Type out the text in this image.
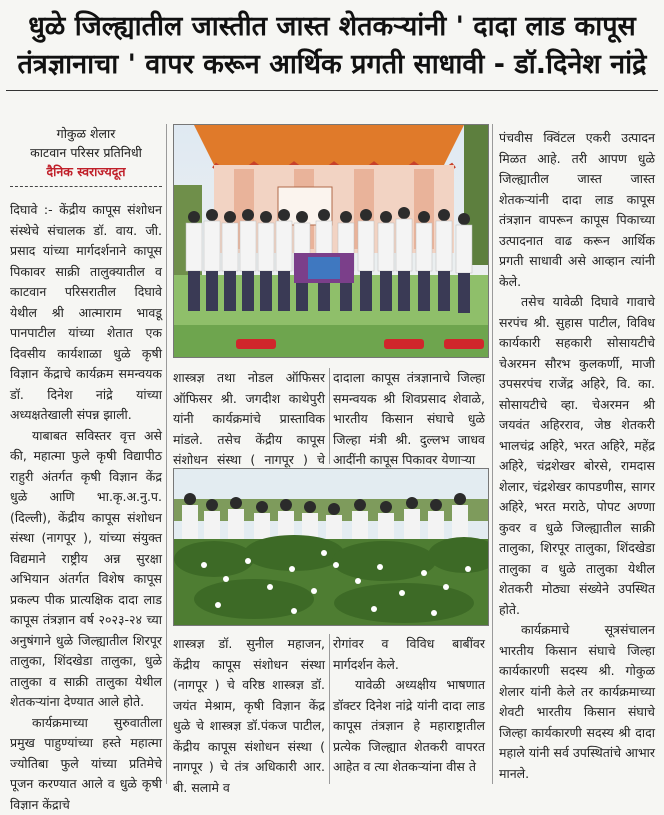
धुळे जिल्ह्यातील जास्तीत जास्त शेतकऱ्यांनी ' दादा लाड कापूस तंत्रज्ञानाचा ' वापर करून आर्थिक प्रगती साधावी - डॉ.दिनेश नांद्रे
गोकुळ शेलार
काटवान परिसर प्रतिनिधी
दैनिक स्वराज्यदूत

दिघावे :- केंद्रीय कापूस संशोधन संस्थेचे संचालक डॉ. वाय. जी. प्रसाद यांच्या मार्गदर्शनाने कापूस पिकावर साक्री तालुक्यातील व काटवान परिसरातील दिघावे येथील श्री आत्माराम भावडू पानपाटील यांच्या शेतात एक दिवसीय कार्यशाळा धुळे कृषी विज्ञान केंद्राचे कार्यक्रम समन्वयक डॉ. दिनेश नांद्रे यांच्या अध्यक्षतेखाली संपन्न झाली.

याबाबत सविस्तर वृत्त असे की, महात्मा फुले कृषी विद्यापीठ राहुरी अंतर्गत कृषी विज्ञान केंद्र धुळे आणि भा.कृ.अ.नु.प.(दिल्ली), केंद्रीय कापूस संशोधन संस्था (नागपूर ), यांच्या संयुक्त विद्यमाने राष्ट्रीय अन्न सुरक्षा अभियान अंतर्गत विशेष कापूस प्रकल्प पीक प्रात्यक्षिक दादा लाड कापूस तंत्रज्ञान वर्ष २०२३-२४ च्या अनुषंगाने धुळे जिल्ह्यातील शिरपूर तालुका, शिंदखेडा तालुका, धुळे तालुका व साक्री तालुका येथील शेतकऱ्यांना देण्यात आले होते.

कार्यक्रमाच्या सुरुवातीला प्रमुख पाहुण्यांच्या हस्ते महात्मा ज्योतिबा फुले यांच्या प्रतिमेचे पूजन करण्यात आले व धुळे कृषी विज्ञान केंद्राचे

शास्त्रज्ञ तथा नोडल ऑफिसर ऑफिसर श्री. जगदीश काथेपुरी यांनी कार्यक्रमांचे प्रास्ताविक मांडले. तसेच केंद्रीय कापूस संशोधन संस्था ( नागपूर ) चे

दादाला कापूस तंत्रज्ञानाचे जिल्हा समन्वयक श्री शिवप्रसाद शेवाळे, भारतीय किसान संघाचे धुळे जिल्हा मंत्री श्री. दुल्लभ जाधव आदींनी कापूस पिकावर येणाऱ्या

शास्त्रज्ञ डॉ. सुनील महाजन, केंद्रीय कापूस संशोधन संस्था (नागपूर ) चे वरिष्ठ शास्त्रज्ञ डॉ. जयंत मेश्राम, कृषी विज्ञान केंद्र धुळे चे शास्त्रज्ञ डॉ.पंकज पाटील, केंद्रीय कापूस संशोधन संस्था ( नागपूर ) चे तंत्र अधिकारी आर. बी. सलामे व

रोगांवर व विविध बाबींवर मार्गदर्शन केले.

यावेळी अध्यक्षीय भाषणात डॉक्टर दिनेश नांद्रे यांनी दादा लाड कापूस तंत्रज्ञान हे महाराष्ट्रातील प्रत्येक जिल्ह्यात शेतकरी वापरत आहेत व त्या शेतकऱ्यांना वीस ते

पंचवीस क्विंटल एकरी उत्पादन मिळत आहे. तरी आपण धुळे जिल्ह्यातील जास्त जास्त शेतकऱ्यांनी दादा लाड कापूस तंत्रज्ञान वापरून कापूस पिकाच्या उत्पादनात वाढ करून आर्थिक प्रगती साधावी असे आव्हान त्यांनी केले.

तसेच यावेळी दिघावे गावाचे सरपंच श्री. सुहास पाटील, विविध कार्यकारी सहकारी सोसायटीचे चेअरमन सौरभ कुलकर्णी, माजी उपसरपंच राजेंद्र अहिरे, वि. का. सोसायटीचे व्हा. चेअरमन श्री जयवंत अहिरराव, जेष्ठ शेतकरी भालचंद्र अहिरे, भरत अहिरे, महेंद्र अहिरे, चंद्रशेखर बोरसे, रामदास शेलार, चंद्रशेखर कापडणीस, सागर अहिरे, भरत मराठे, पोपट अण्णा कुवर व धुळे जिल्ह्यातील साक्री तालुका, शिरपूर तालुका, शिंदखेडा तालुका व धुळे तालुका येथील शेतकरी मोठ्या संख्येने उपस्थित होते.

कार्यक्रमाचे सूत्रसंचालन भारतीय किसान संघाचे जिल्हा कार्यकारणी सदस्य श्री. गोकुळ शेलार यांनी केले तर कार्यक्रमाच्या शेवटी भारतीय किसान संघाचे जिल्हा कार्यकारणी सदस्य श्री दादा महाले यांनी सर्व उपस्थितांचे आभार मानले.
